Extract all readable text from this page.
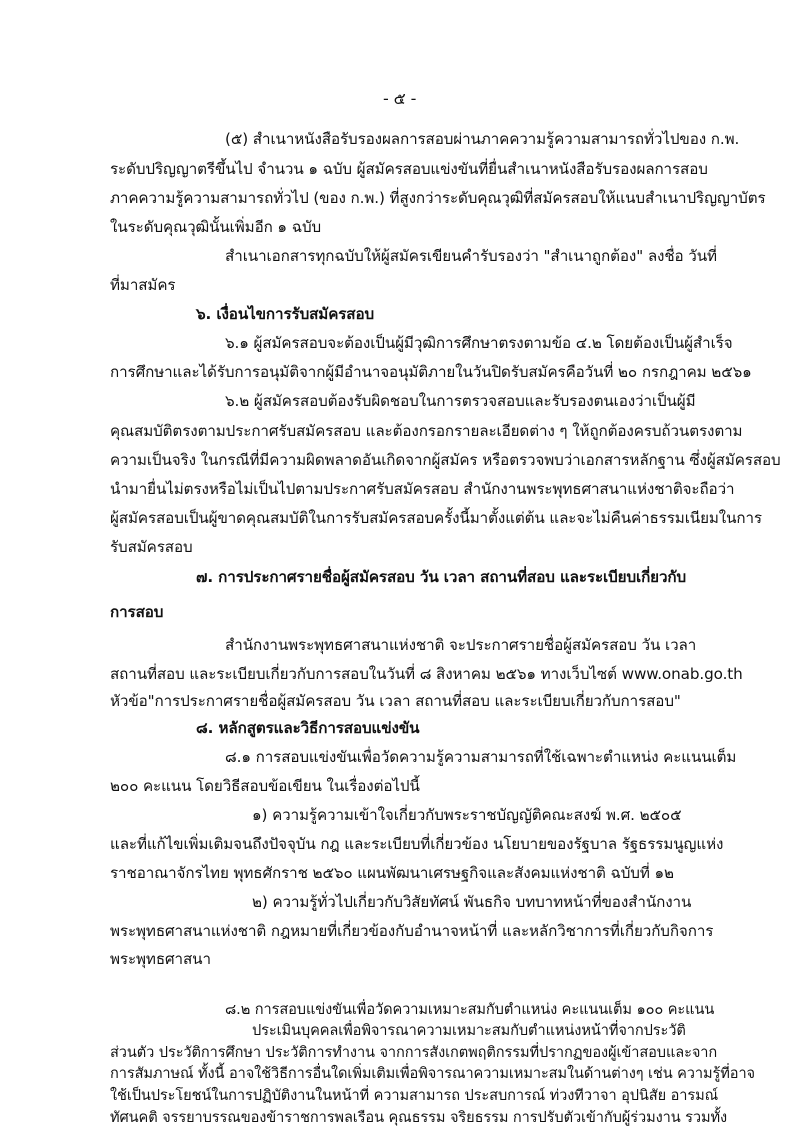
- ๕ -
(๕) สำเนาหนังสือรับรองผลการสอบผ่านภาคความรู้ความสามารถทั่วไปของ ก.พ.
ระดับปริญญาตรีขึ้นไป จำนวน ๑ ฉบับ ผู้สมัครสอบแข่งขันที่ยื่นสำเนาหนังสือรับรองผลการสอบ
ภาคความรู้ความสามารถทั่วไป (ของ ก.พ.) ที่สูงกว่าระดับคุณวุฒิที่สมัครสอบให้แนบสำเนาปริญญาบัตร
ในระดับคุณวุฒินั้นเพิ่มอีก ๑ ฉบับ
สำเนาเอกสารทุกฉบับให้ผู้สมัครเขียนคำรับรองว่า "สำเนาถูกต้อง" ลงชื่อ วันที่
ที่มาสมัคร
๖. เงื่อนไขการรับสมัครสอบ
๖.๑ ผู้สมัครสอบจะต้องเป็นผู้มีวุฒิการศึกษาตรงตามข้อ ๔.๒ โดยต้องเป็นผู้สำเร็จ
การศึกษาและได้รับการอนุมัติจากผู้มีอำนาจอนุมัติภายในวันปิดรับสมัครคือวันที่ ๒๐ กรกฎาคม ๒๕๖๑
๖.๒ ผู้สมัครสอบต้องรับผิดชอบในการตรวจสอบและรับรองตนเองว่าเป็นผู้มี
คุณสมบัติตรงตามประกาศรับสมัครสอบ และต้องกรอกรายละเอียดต่าง ๆ ให้ถูกต้องครบถ้วนตรงตาม
ความเป็นจริง ในกรณีที่มีความผิดพลาดอันเกิดจากผู้สมัคร หรือตรวจพบว่าเอกสารหลักฐาน ซึ่งผู้สมัครสอบ
นำมายื่นไม่ตรงหรือไม่เป็นไปตามประกาศรับสมัครสอบ สำนักงานพระพุทธศาสนาแห่งชาติจะถือว่า
ผู้สมัครสอบเป็นผู้ขาดคุณสมบัติในการรับสมัครสอบครั้งนี้มาตั้งแต่ต้น และจะไม่คืนค่าธรรมเนียมในการ
รับสมัครสอบ
๗. การประกาศรายชื่อผู้สมัครสอบ วัน เวลา สถานที่สอบ และระเบียบเกี่ยวกับ
การสอบ
สำนักงานพระพุทธศาสนาแห่งชาติ จะประกาศรายชื่อผู้สมัครสอบ วัน เวลา
สถานที่สอบ และระเบียบเกี่ยวกับการสอบในวันที่ ๘ สิงหาคม ๒๕๖๑ ทางเว็บไซต์ www.onab.go.th
หัวข้อ"การประกาศรายชื่อผู้สมัครสอบ วัน เวลา สถานที่สอบ และระเบียบเกี่ยวกับการสอบ"
๘. หลักสูตรและวิธีการสอบแข่งขัน
๘.๑ การสอบแข่งขันเพื่อวัดความรู้ความสามารถที่ใช้เฉพาะตำแหน่ง คะแนนเต็ม
๒๐๐ คะแนน โดยวิธีสอบข้อเขียน ในเรื่องต่อไปนี้
๑) ความรู้ความเข้าใจเกี่ยวกับพระราชบัญญัติคณะสงฆ์ พ.ศ. ๒๕๐๕
และที่แก้ไขเพิ่มเติมจนถึงปัจจุบัน กฎ และระเบียบที่เกี่ยวข้อง นโยบายของรัฐบาล รัฐธรรมนูญแห่ง
ราชอาณาจักรไทย พุทธศักราช ๒๕๖๐ แผนพัฒนาเศรษฐกิจและสังคมแห่งชาติ ฉบับที่ ๑๒
๒) ความรู้ทั่วไปเกี่ยวกับวิสัยทัศน์ พันธกิจ บทบาทหน้าที่ของสำนักงาน
พระพุทธศาสนาแห่งชาติ กฎหมายที่เกี่ยวข้องกับอำนาจหน้าที่ และหลักวิชาการที่เกี่ยวกับกิจการ
พระพุทธศาสนา
๘.๒ การสอบแข่งขันเพื่อวัดความเหมาะสมกับตำแหน่ง คะแนนเต็ม ๑๐๐ คะแนน
ประเมินบุคคลเพื่อพิจารณาความเหมาะสมกับตำแหน่งหน้าที่จากประวัติ
ส่วนตัว ประวัติการศึกษา ประวัติการทำงาน จากการสังเกตพฤติกรรมที่ปรากฏของผู้เข้าสอบและจาก
การสัมภาษณ์ ทั้งนี้ อาจใช้วิธีการอื่นใดเพิ่มเติมเพื่อพิจารณาความเหมาะสมในด้านต่างๆ เช่น ความรู้ที่อาจ
ใช้เป็นประโยชน์ในการปฏิบัติงานในหน้าที่ ความสามารถ ประสบการณ์ ท่วงทีวาจา อุปนิสัย อารมณ์
ทัศนคติ จรรยาบรรณของข้าราชการพลเรือน คุณธรรม จริยธรรม การปรับตัวเข้ากับผู้ร่วมงาน รวมทั้ง
